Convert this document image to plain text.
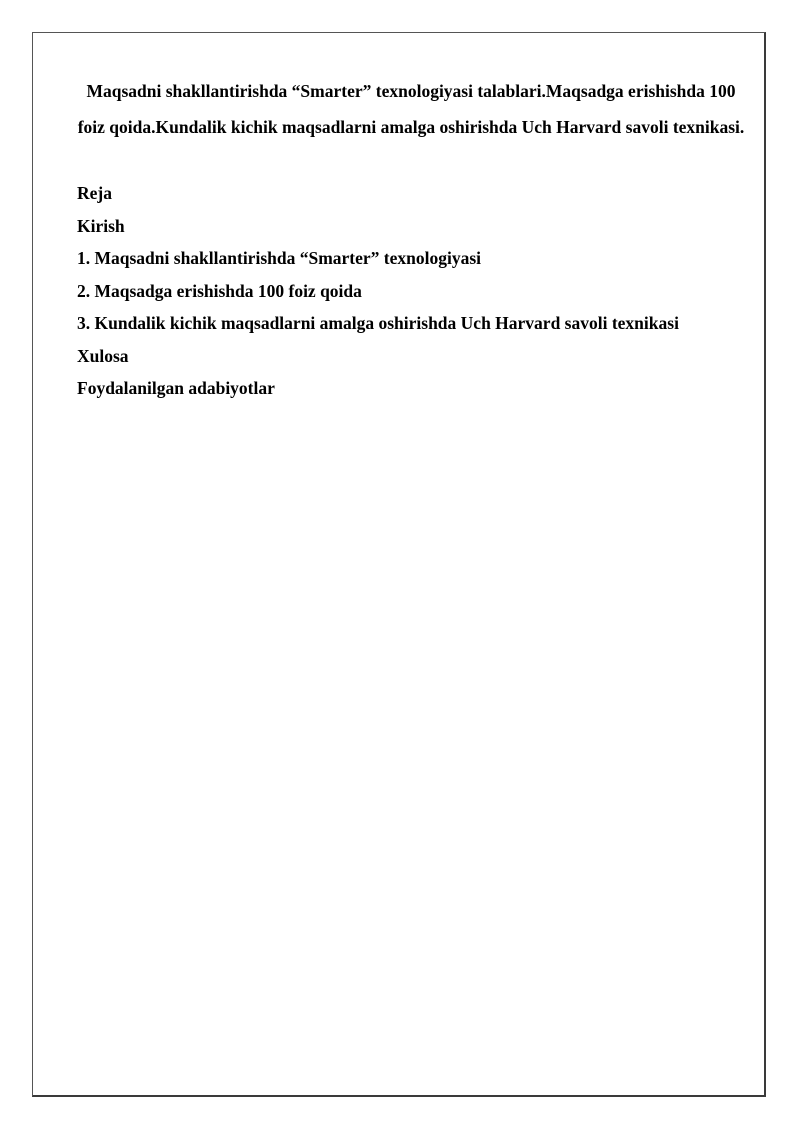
Maqsadni shakllantirishda “Smarter” texnologiyasi talablari.Maqsadga erishishda 100 foiz qoida.Kundalik kichik maqsadlarni amalga oshirishda Uch Harvard savoli texnikasi.

Reja
Kirish
1. Maqsadni shakllantirishda “Smarter” texnologiyasi
2. Maqsadga erishishda 100 foiz qoida
3. Kundalik kichik maqsadlarni amalga oshirishda Uch Harvard savoli texnikasi
Xulosa
Foydalanilgan adabiyotlar
